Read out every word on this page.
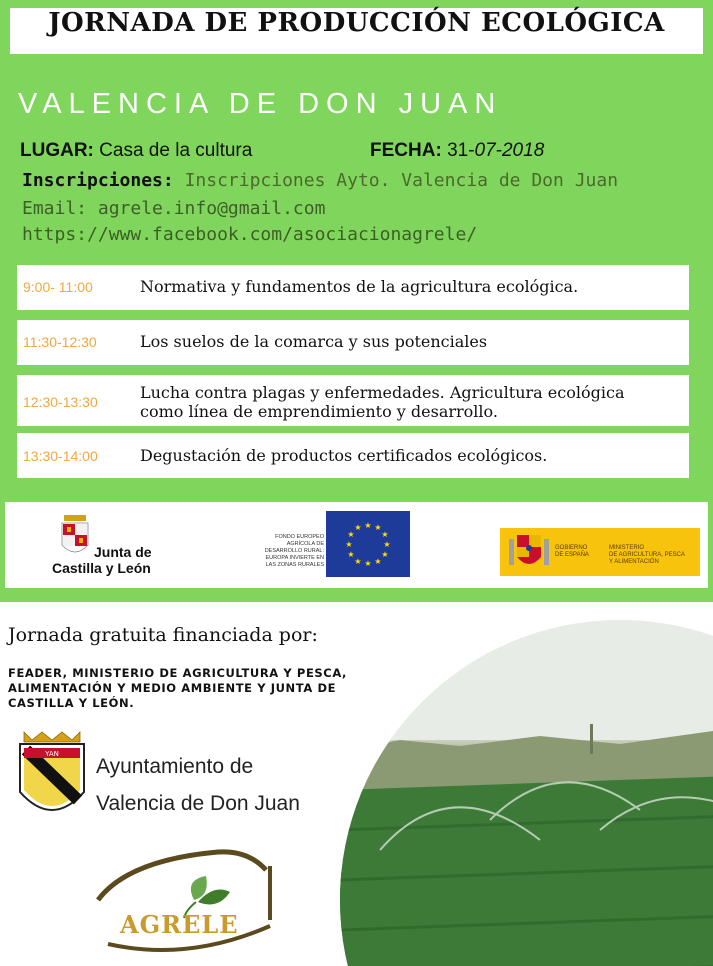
JORNADA DE PRODUCCIÓN ECOLÓGICA
VALENCIA DE DON JUAN
LUGAR: Casa de la cultura	FECHA: 31-07-2018
Inscripciones: Inscripciones Ayto. Valencia de Don Juan
Email: agrele.info@gmail.com
https://www.facebook.com/asociacionagrele/
9:00- 11:00	Normativa y fundamentos de la agricultura ecológica.
11:30-12:30	Los suelos de la comarca y sus potenciales
12:30-13:30	Lucha contra plagas y enfermedades. Agricultura ecológica
como línea de emprendimiento y desarrollo.
13:30-14:00	Degustación de productos certificados ecológicos.
Junta de
Castilla y León
FONDO EUROPEO
AGRÍCOLA DE
DESARROLLO RURAL:
EUROPA INVIERTE EN
LAS ZONAS RURALES
★ ★
★
★
★
★
★
★
★
★
★
★
GOBIERNO
DE ESPAÑA
MINISTERIO
DE AGRICULTURA, PESCA
Y ALIMENTACIÓN
Jornada gratuita financiada por:
FEADER, MINISTERIO DE AGRICULTURA Y PESCA, ALIMENTACIÓN Y MEDIO AMBIENTE Y JUNTA DE CASTILLA Y LEÓN.
YAN
Ayuntamiento de
Valencia de Don Juan
AGRELE
